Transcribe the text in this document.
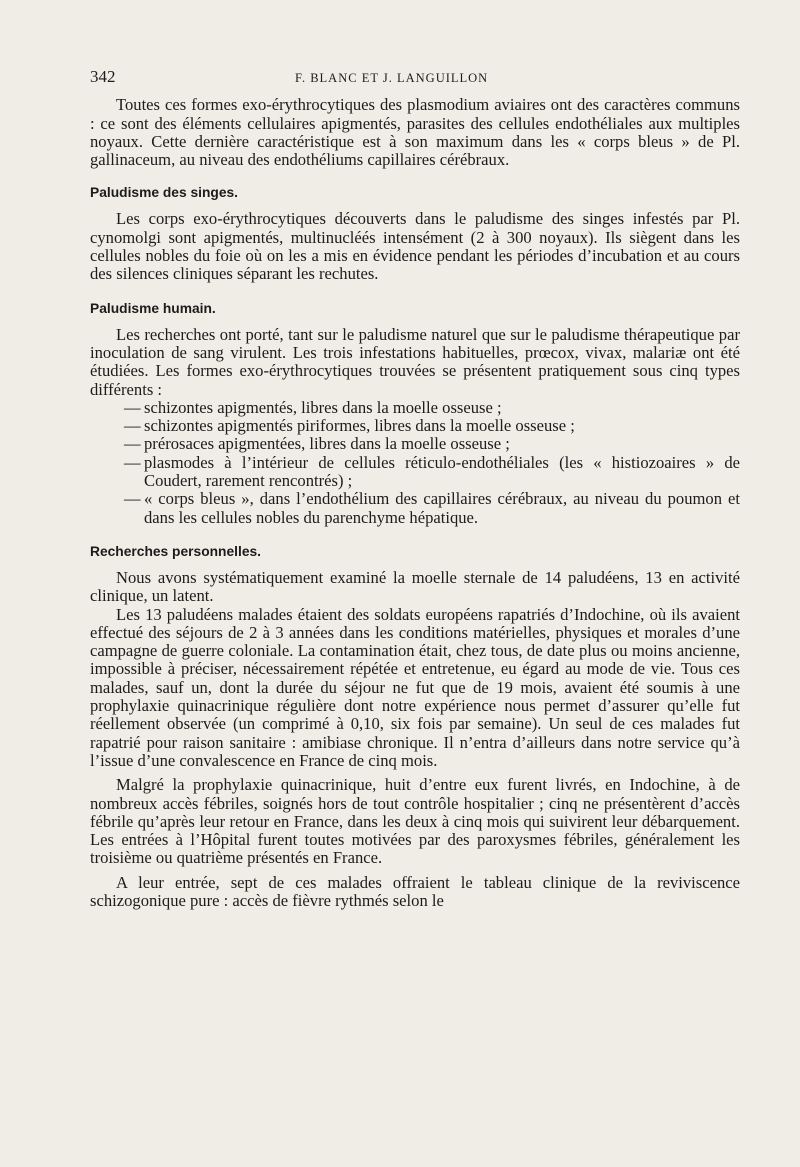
342	F. BLANC ET J. LANGUILLON

Toutes ces formes exo-érythrocytiques des plasmodium aviaires ont des caractères communs : ce sont des éléments cellulaires apigmentés, parasites des cellules endothéliales aux multiples noyaux. Cette dernière caractéristique est à son maximum dans les « corps bleus » de Pl. gallinaceum, au niveau des endothéliums capillaires cérébraux.

Paludisme des singes.

Les corps exo-érythrocytiques découverts dans le paludisme des singes infestés par Pl. cynomolgi sont apigmentés, multinucléés intensément (2 à 300 noyaux). Ils siègent dans les cellules nobles du foie où on les a mis en évidence pendant les périodes d’incubation et au cours des silences cliniques séparant les rechutes.

Paludisme humain.

Les recherches ont porté, tant sur le paludisme naturel que sur le paludisme thérapeutique par inoculation de sang virulent. Les trois infestations habituelles, prœcox, vivax, malariæ ont été étudiées. Les formes exo-érythrocytiques trouvées se présentent pratiquement sous cinq types différents :

— schizontes apigmentés, libres dans la moelle osseuse ;
— schizontes apigmentés piriformes, libres dans la moelle osseuse ;
— prérosaces apigmentées, libres dans la moelle osseuse ;
— plasmodes à l’intérieur de cellules réticulo-endothéliales (les « histiozoaires » de Coudert, rarement rencontrés) ;
— « corps bleus », dans l’endothélium des capillaires cérébraux, au niveau du poumon et dans les cellules nobles du parenchyme hépatique.
Recherches personnelles.

Nous avons systématiquement examiné la moelle sternale de 14 paludéens, 13 en activité clinique, un latent.

Les 13 paludéens malades étaient des soldats européens rapatriés d’Indochine, où ils avaient effectué des séjours de 2 à 3 années dans les conditions matérielles, physiques et morales d’une campagne de guerre coloniale. La contamination était, chez tous, de date plus ou moins ancienne, impossible à préciser, nécessairement répétée et entretenue, eu égard au mode de vie. Tous ces malades, sauf un, dont la durée du séjour ne fut que de 19 mois, avaient été soumis à une prophylaxie quinacrinique régulière dont notre expérience nous permet d’assurer qu’elle fut réellement observée (un comprimé à 0,10, six fois par semaine). Un seul de ces malades fut rapatrié pour raison sanitaire : amibiase chronique. Il n’entra d’ailleurs dans notre service qu’à l’issue d’une convalescence en France de cinq mois.

Malgré la prophylaxie quinacrinique, huit d’entre eux furent livrés, en Indochine, à de nombreux accès fébriles, soignés hors de tout contrôle hospitalier ; cinq ne présentèrent d’accès fébrile qu’après leur retour en France, dans les deux à cinq mois qui suivirent leur débarquement. Les entrées à l’Hôpital furent toutes motivées par des paroxysmes fébriles, généralement les troisième ou quatrième présentés en France.

A leur entrée, sept de ces malades offraient le tableau clinique de la reviviscence schizogonique pure : accès de fièvre rythmés selon le
